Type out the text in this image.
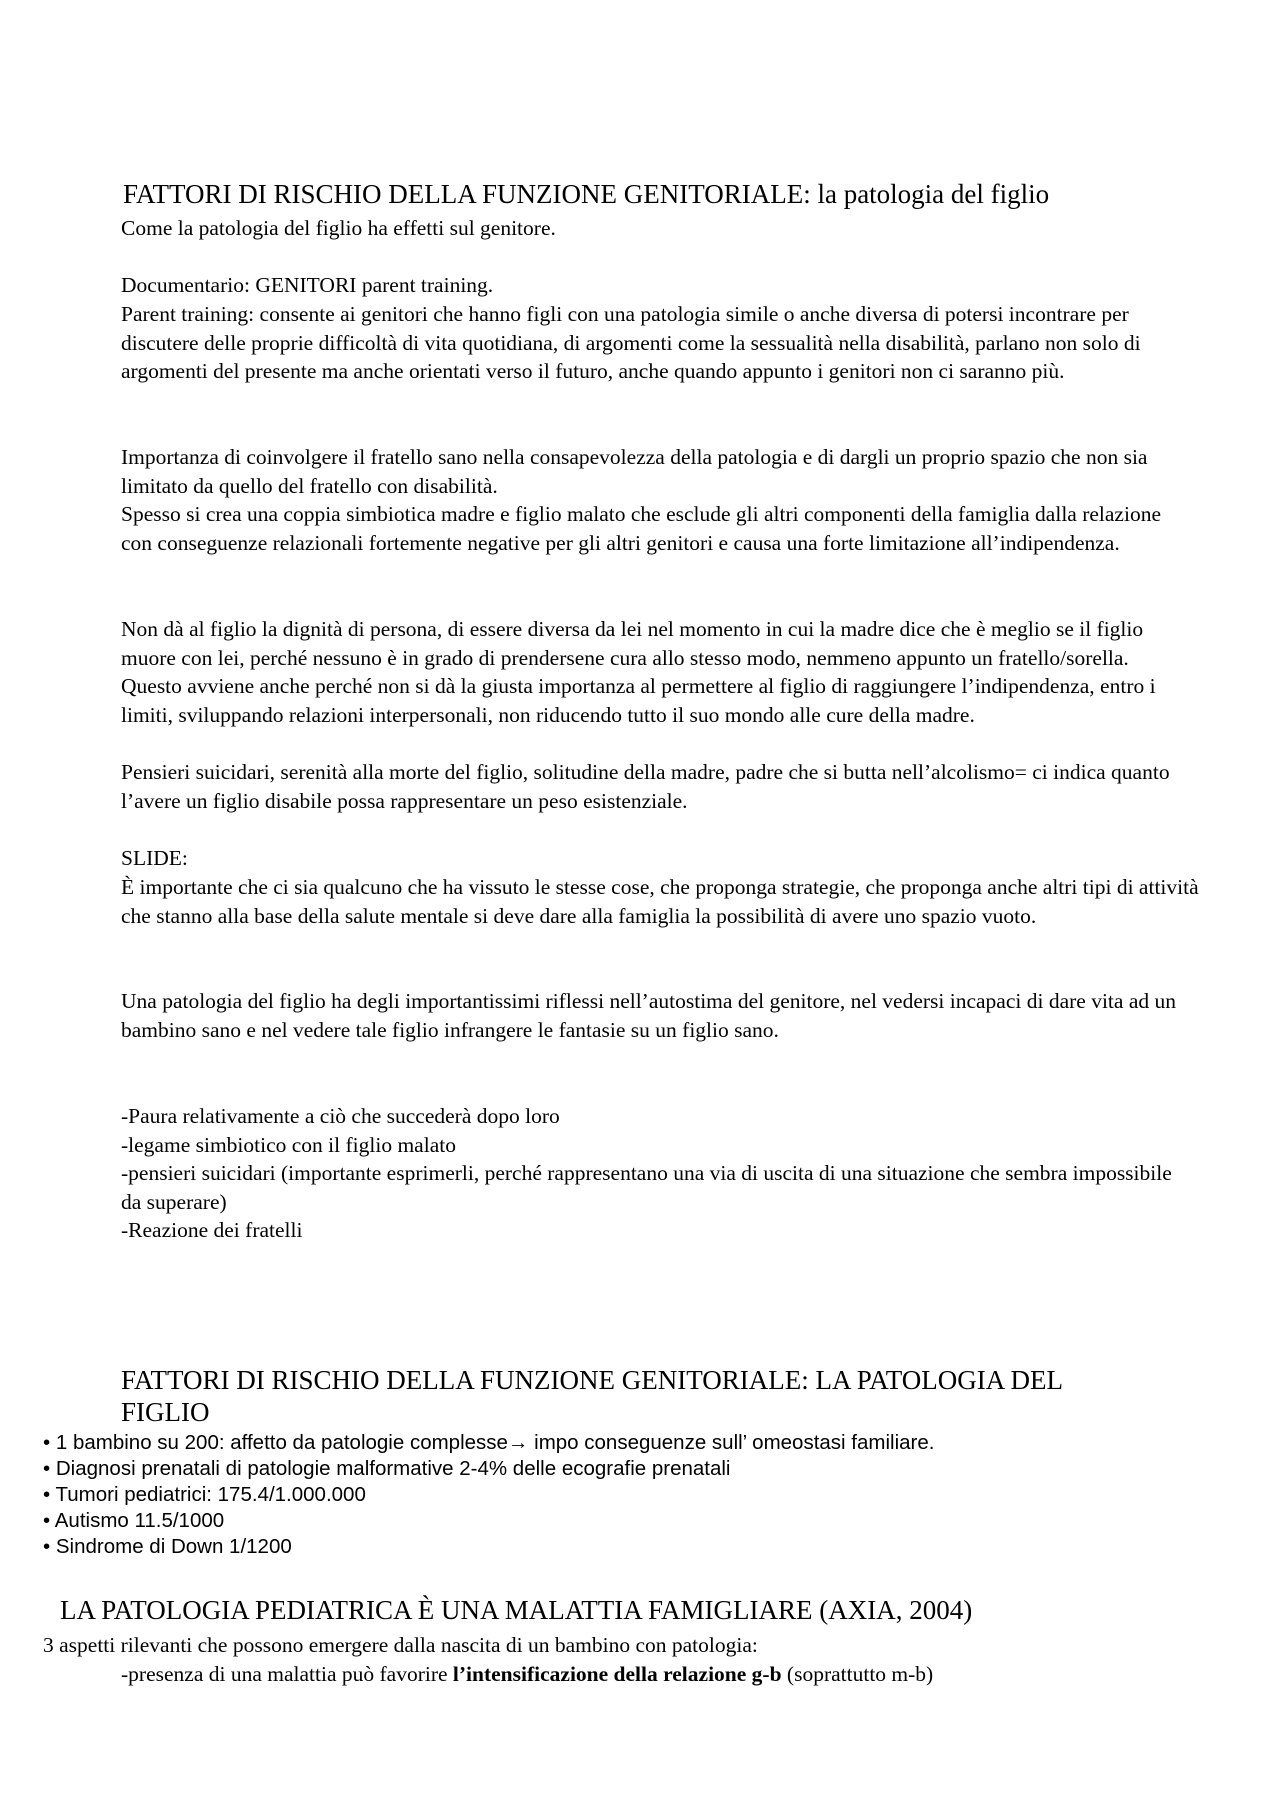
FATTORI DI RISCHIO DELLA FUNZIONE GENITORIALE: la patologia del figlio

Come la patologia del figlio ha effetti sul genitore.

Documentario: GENITORI parent training.

Parent training: consente ai genitori che hanno figli con una patologia simile o anche diversa di potersi incontrare per discutere delle proprie difficoltà di vita quotidiana, di argomenti come la sessualità nella disabilità, parlano non solo di argomenti del presente ma anche orientati verso il futuro, anche quando appunto i genitori non ci saranno più.

Importanza di coinvolgere il fratello sano nella consapevolezza della patologia e di dargli un proprio spazio che non sia limitato da quello del fratello con disabilità.

Spesso si crea una coppia simbiotica madre e figlio malato che esclude gli altri componenti della famiglia dalla relazione con conseguenze relazionali fortemente negative per gli altri genitori e causa una forte limitazione all’indipendenza.

Non dà al figlio la dignità di persona, di essere diversa da lei nel momento in cui la madre dice che è meglio se il figlio muore con lei, perché nessuno è in grado di prendersene cura allo stesso modo, nemmeno appunto un fratello/sorella. Questo avviene anche perché non si dà la giusta importanza al permettere al figlio di raggiungere l’indipendenza, entro i limiti, sviluppando relazioni interpersonali, non riducendo tutto il suo mondo alle cure della madre.

Pensieri suicidari, serenità alla morte del figlio, solitudine della madre, padre che si butta nell’alcolismo= ci indica quanto l’avere un figlio disabile possa rappresentare un peso esistenziale.

SLIDE:

È importante che ci sia qualcuno che ha vissuto le stesse cose, che proponga strategie, che proponga anche altri tipi di attività che stanno alla base della salute mentale si deve dare alla famiglia la possibilità di avere uno spazio vuoto.

Una patologia del figlio ha degli importantissimi riflessi nell’autostima del genitore, nel vedersi incapaci di dare vita ad un bambino sano e nel vedere tale figlio infrangere le fantasie su un figlio sano.

-Paura relativamente a ciò che succederà dopo loro

-legame simbiotico con il figlio malato

-pensieri suicidari (importante esprimerli, perché rappresentano una via di uscita di una situazione che sembra impossibile da superare)

-Reazione dei fratelli

FATTORI DI RISCHIO DELLA FUNZIONE GENITORIALE: LA PATOLOGIA DEL FIGLIO
• 1 bambino su 200: affetto da patologie complesse→ impo conseguenze sull’ omeostasi familiare.
• Diagnosi prenatali di patologie malformative 2-4% delle ecografie prenatali
• Tumori pediatrici: 175.4/1.000.000
• Autismo 11.5/1000
• Sindrome di Down 1/1200
LA PATOLOGIA PEDIATRICA È UNA MALATTIA FAMIGLIARE (AXIA, 2004)

3 aspetti rilevanti che possono emergere dalla nascita di un bambino con patologia:

-presenza di una malattia può favorire l’intensificazione della relazione g-b (soprattutto m-b)
